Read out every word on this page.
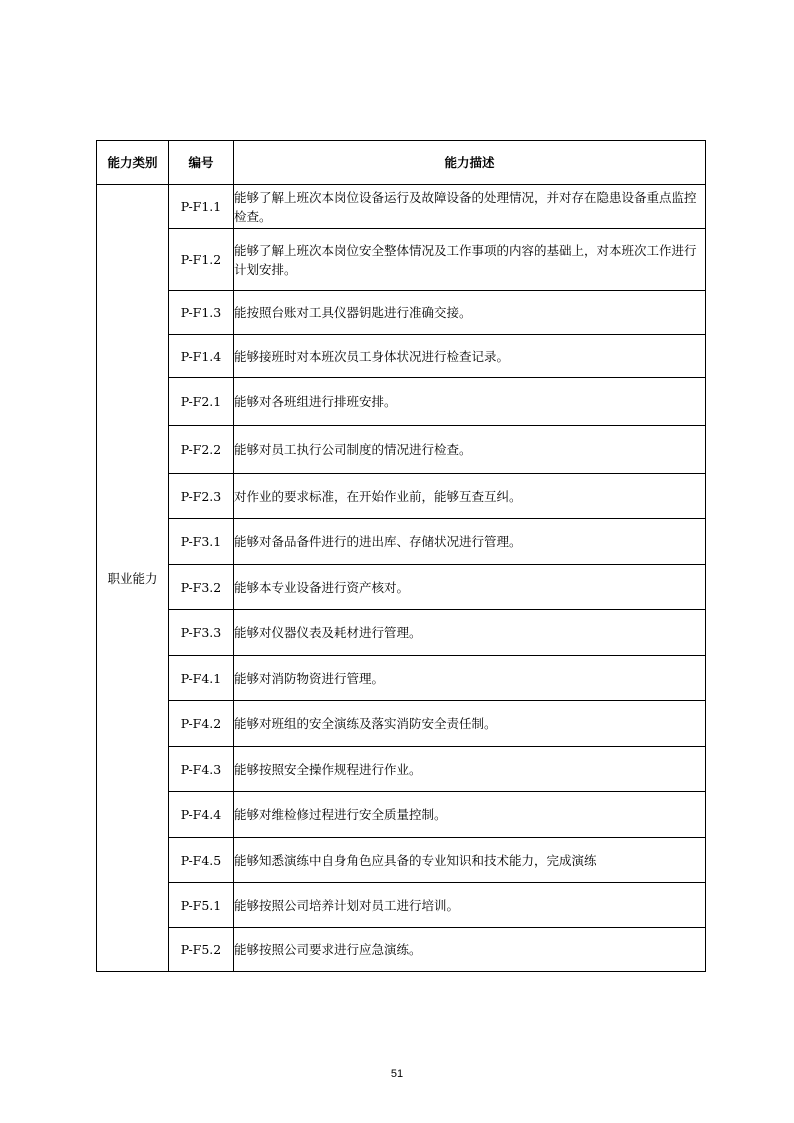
能力类别	编号	能力描述
职业能力	P-F1.1	能够了解上班次本岗位设备运行及故障设备的处理情况，并对存在隐患设备重点监控检查。
	P-F1.2	能够了解上班次本岗位安全整体情况及工作事项的内容的基础上，对本班次工作进行计划安排。
	P-F1.3	能按照台账对工具仪器钥匙进行准确交接。
	P-F1.4	能够接班时对本班次员工身体状况进行检查记录。
	P-F2.1	能够对各班组进行排班安排。
	P-F2.2	能够对员工执行公司制度的情况进行检查。
	P-F2.3	对作业的要求标准，在开始作业前，能够互查互纠。
	P-F3.1	能够对备品备件进行的进出库、存储状况进行管理。
	P-F3.2	能够本专业设备进行资产核对。
	P-F3.3	能够对仪器仪表及耗材进行管理。
	P-F4.1	能够对消防物资进行管理。
	P-F4.2	能够对班组的安全演练及落实消防安全责任制。
	P-F4.3	能够按照安全操作规程进行作业。
	P-F4.4	能够对维检修过程进行安全质量控制。
	P-F4.5	能够知悉演练中自身角色应具备的专业知识和技术能力，完成演练
	P-F5.1	能够按照公司培养计划对员工进行培训。
	P-F5.2	能够按照公司要求进行应急演练。
51
